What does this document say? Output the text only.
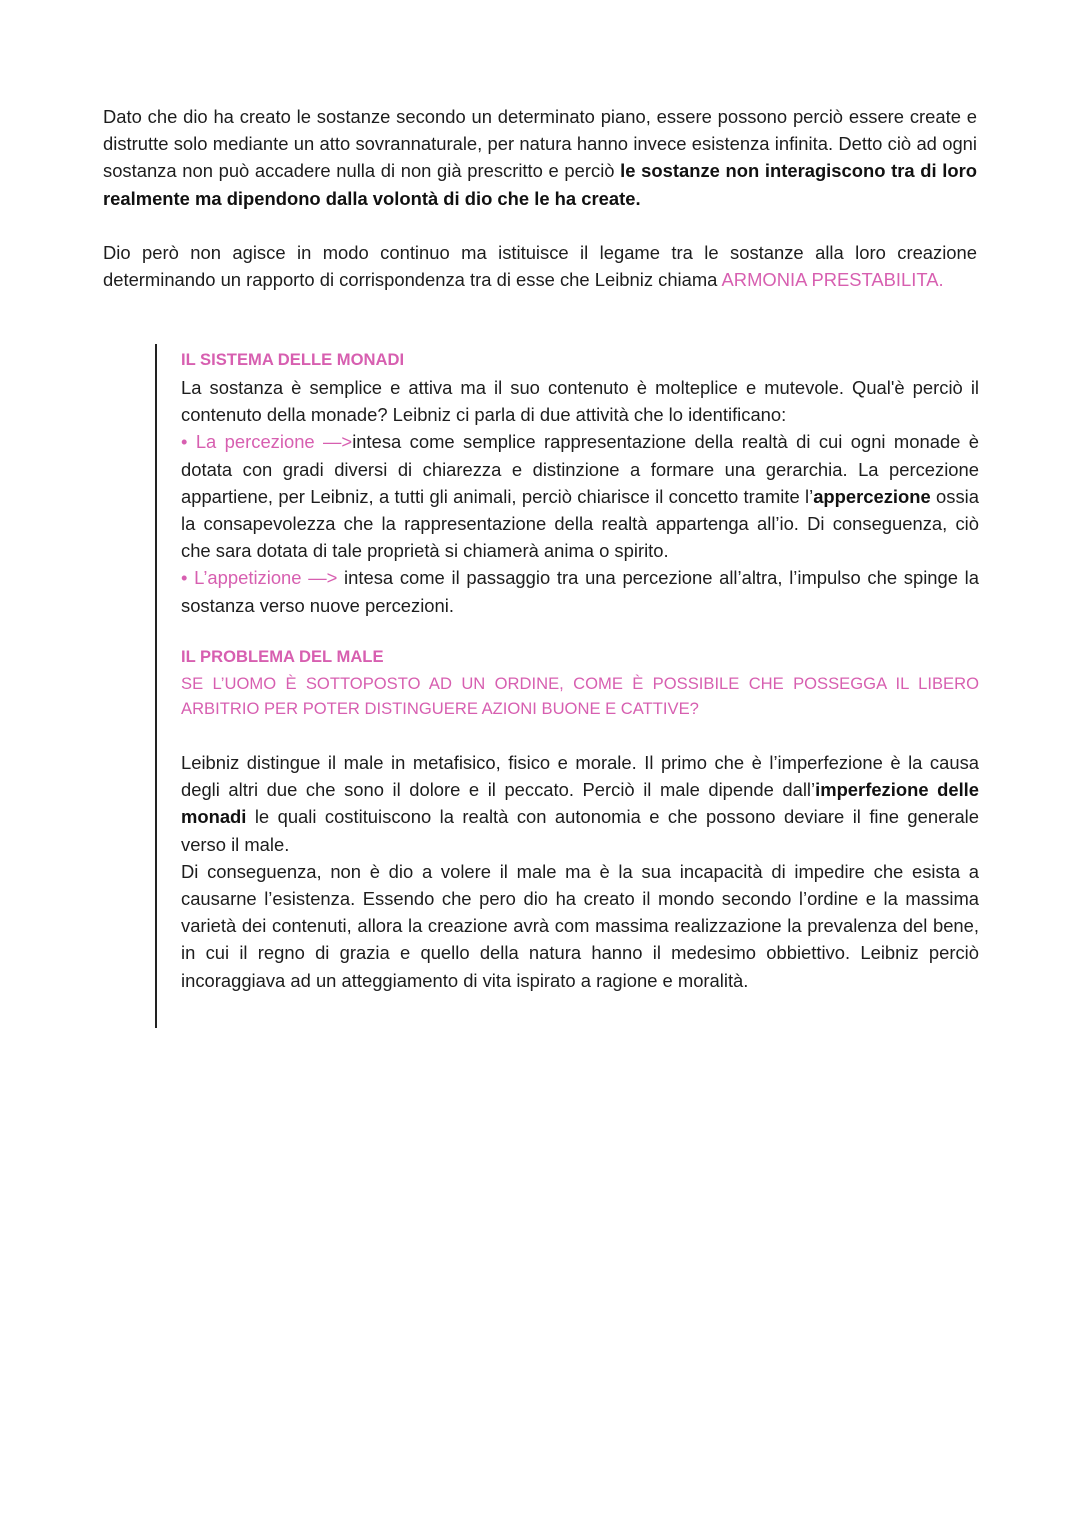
Dato che dio ha creato le sostanze secondo un determinato piano, essere possono perciò essere create e distrutte solo mediante un atto sovrannaturale, per natura hanno invece esistenza infinita. Detto ciò ad ogni sostanza non può accadere nulla di non già prescritto e perciò le sostanze non interagiscono tra di loro realmente ma dipendono dalla volontà di dio che le ha create.

Dio però non agisce in modo continuo ma istituisce il legame tra le sostanze alla loro creazione determinando un rapporto di corrispondenza tra di esse che Leibniz chiama ARMONIA PRESTABILITA.

IL SISTEMA DELLE MONADI

La sostanza è semplice e attiva ma il suo contenuto è molteplice e mutevole. Qual'è perciò il contenuto della monade? Leibniz ci parla di due attività che lo identificano:
• La percezione —>intesa come semplice rappresentazione della realtà di cui ogni monade è dotata con gradi diversi di chiarezza e distinzione a formare una gerarchia. La percezione appartiene, per Leibniz, a tutti gli animali, perciò chiarisce il concetto tramite l’appercezione ossia la consapevolezza che la rappresentazione della realtà appartenga all’io. Di conseguenza, ciò che sara dotata di tale proprietà si chiamerà anima o spirito.
• L’appetizione —> intesa come il passaggio tra una percezione all’altra, l’impulso che spinge la sostanza verso nuove percezioni.

IL PROBLEMA DEL MALE

SE L’UOMO È SOTTOPOSTO AD UN ORDINE, COME È POSSIBILE CHE POSSEGGA IL LIBERO ARBITRIO PER POTER DISTINGUERE AZIONI BUONE E CATTIVE?

Leibniz distingue il male in metafisico, fisico e morale. Il primo che è l’imperfezione è la causa degli altri due che sono il dolore e il peccato. Perciò il male dipende dall’imperfezione delle monadi le quali costituiscono la realtà con autonomia e che possono deviare il fine generale verso il male.
Di conseguenza, non è dio a volere il male ma è la sua incapacità di impedire che esista a causarne l’esistenza. Essendo che pero dio ha creato il mondo secondo l’ordine e la massima varietà dei contenuti, allora la creazione avrà com massima realizzazione la prevalenza del bene, in cui il regno di grazia e quello della natura hanno il medesimo obbiettivo. Leibniz perciò incoraggiava ad un atteggiamento di vita ispirato a ragione e moralità.
